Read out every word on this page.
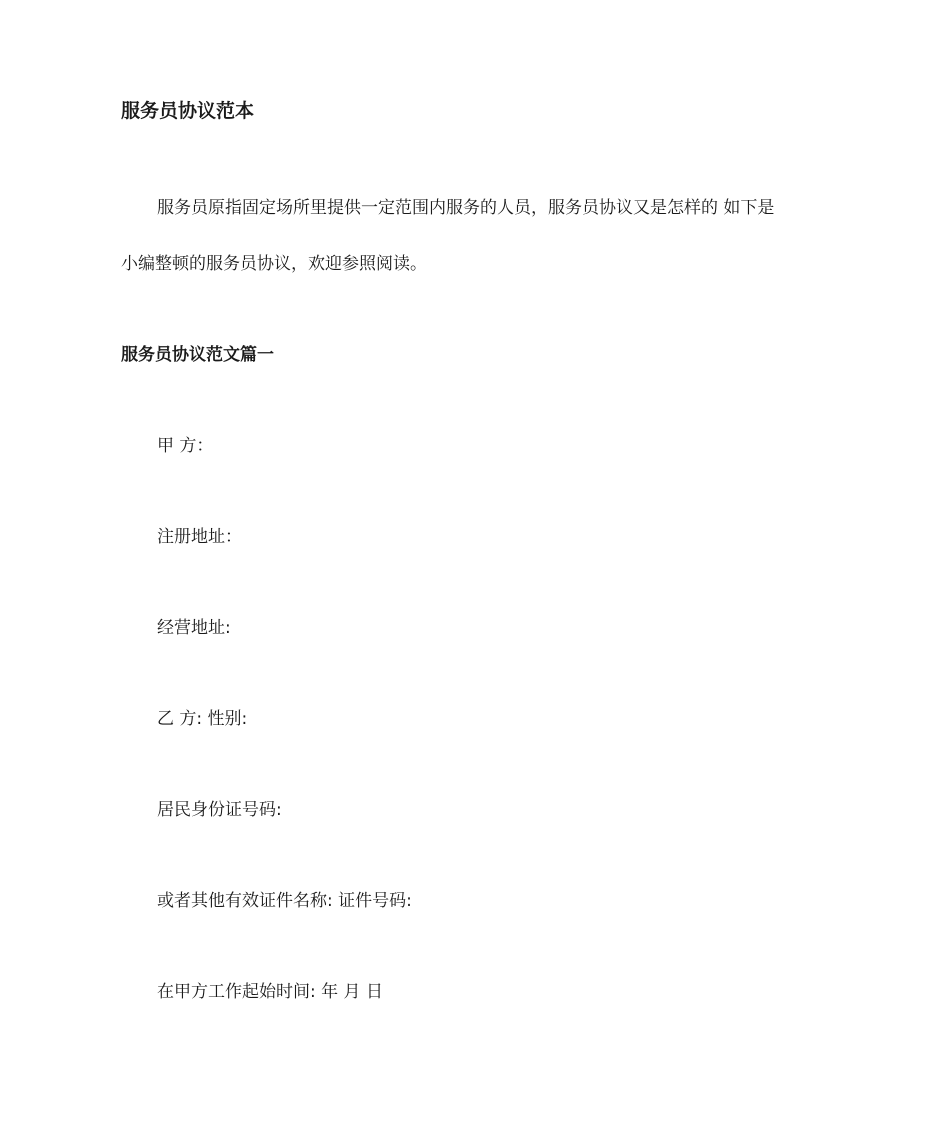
服务员协议范本
服务员原指固定场所里提供一定范围内服务的人员，服务员协议又是怎样的 如下是
小编整顿的服务员协议，欢迎参照阅读。
服务员协议范文篇一
甲 方：
注册地址：
经营地址:
乙 方: 性别:
居民身份证号码:
或者其他有效证件名称: 证件号码:
在甲方工作起始时间: 年 月 日
